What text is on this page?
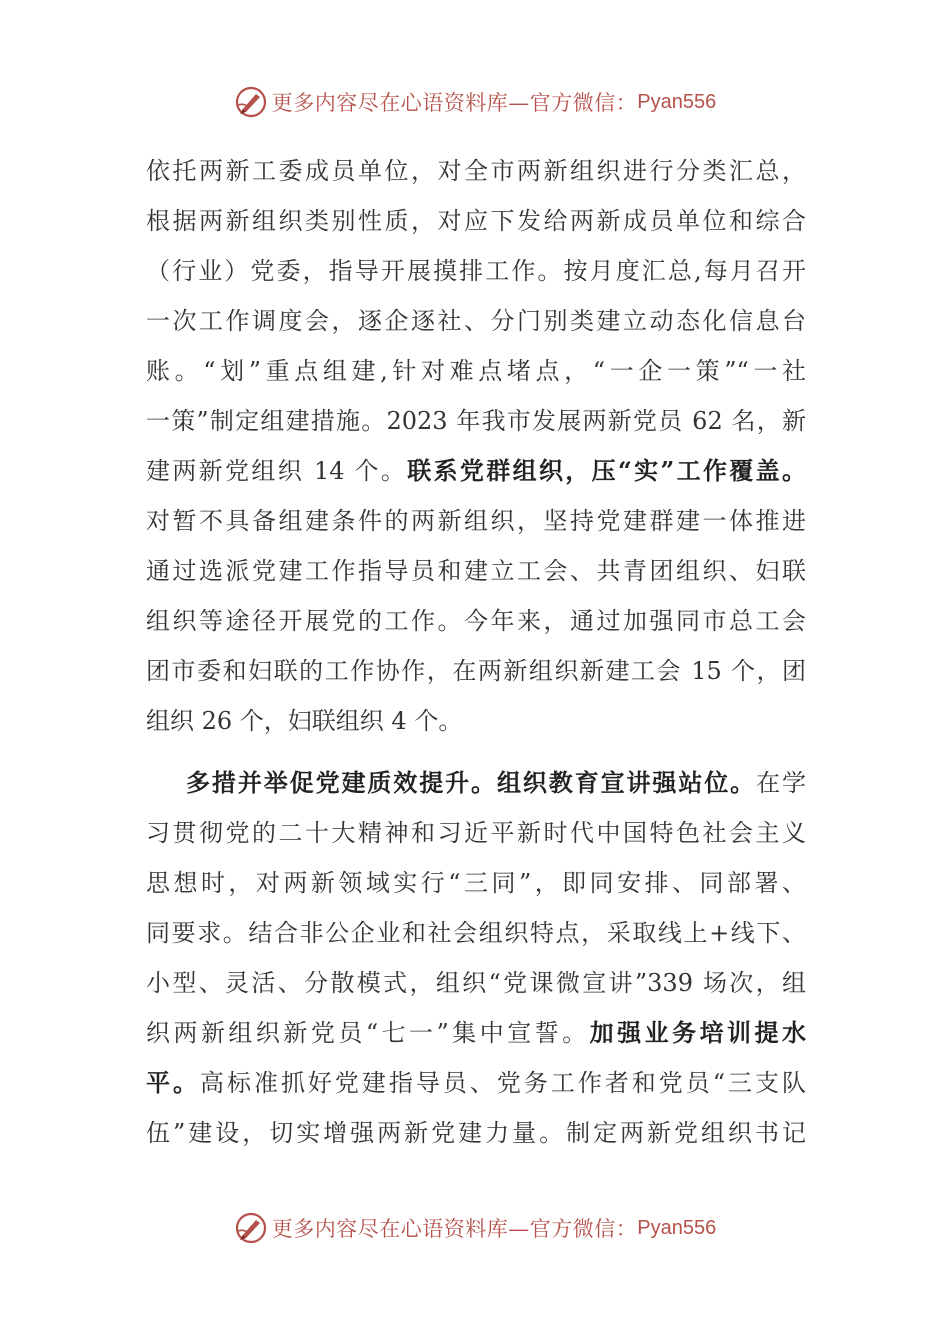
更多内容尽在心语资料库—官方微信： Pyan556
依托两新工委成员单位，对全市两新组织进行分类汇总，
根据两新组织类别性质，对应下发给两新成员单位和综合
（行业）党委，指导开展摸排工作。按月度汇总,每月召开
一次工作调度会，逐企逐社、分门别类建立动态化信息台
账。“划”重点组建,针对难点堵点，“一企一策”“一社
一策”制定组建措施。2023 年我市发展两新党员 62 名，新
建两新党组织 14 个。联系党群组织，压“实”工作覆盖。
对暂不具备组建条件的两新组织，坚持党建群建一体推进
通过选派党建工作指导员和建立工会、共青团组织、妇联
组织等途径开展党的工作。今年来，通过加强同市总工会
团市委和妇联的工作协作，在两新组织新建工会 15 个，团
组织 26 个，妇联组织 4 个。
多措并举促党建质效提升。组织教育宣讲强站位。在学
习贯彻党的二十大精神和习近平新时代中国特色社会主义
思想时，对两新领域实行“三同”，即同安排、同部署、
同要求。结合非公企业和社会组织特点，采取线上+线下、
小型、灵活、分散模式，组织“党课微宣讲”339 场次，组
织两新组织新党员“七一”集中宣誓。加强业务培训提水
平。高标准抓好党建指导员、党务工作者和党员“三支队
伍”建设，切实增强两新党建力量。制定两新党组织书记
更多内容尽在心语资料库—官方微信： Pyan556
